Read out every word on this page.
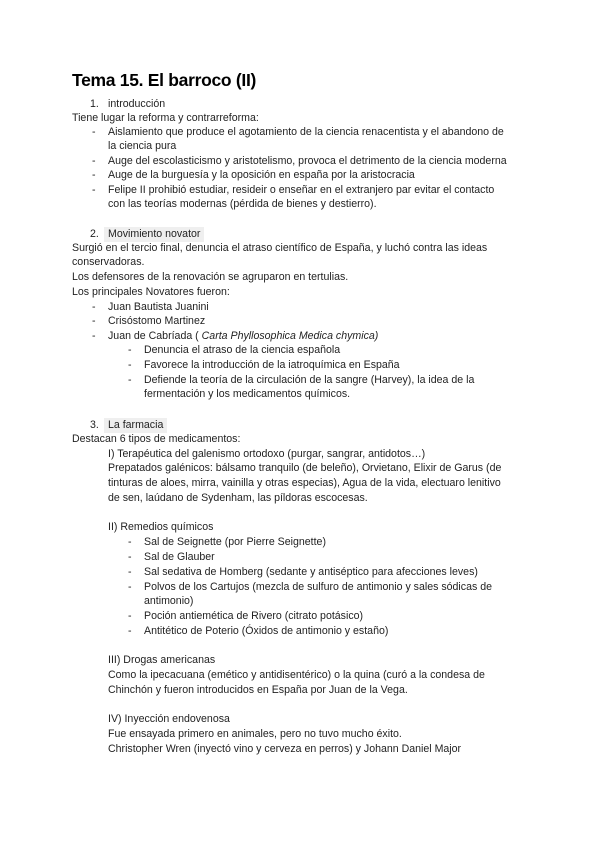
Tema 15. El barroco (II)
1. introducción
Tiene lugar la reforma y contrarreforma:
- Aislamiento que produce el agotamiento de la ciencia renacentista y el abandono de
la ciencia pura
- Auge del escolasticismo y aristotelismo, provoca el detrimento de la ciencia moderna
- Auge de la burguesía y la oposición en españa por la aristocracia
- Felipe II prohibió estudiar, resideir o enseñar en el extranjero par evitar el contacto
con las teorías modernas (pérdida de bienes y destierro).
2. Movimiento novator
Surgió en el tercio final, denuncia el atraso científico de España, y luchó contra las ideas
conservadoras.
Los defensores de la renovación se agruparon en tertulias.
Los principales Novatores fueron:
- Juan Bautista Juanini
- Crisóstomo Martinez
- Juan de Cabríada ( Carta Phyllosophica Medica chymica)
- Denuncia el atraso de la ciencia española
- Favorece la introducción de la iatroquímica en España
- Defiende la teoría de la circulación de la sangre (Harvey), la idea de la
fermentación y los medicamentos químicos.
3. La farmacia
Destacan 6 tipos de medicamentos:
I) Terapéutica del galenismo ortodoxo (purgar, sangrar, antidotos…)
Prepatados galénicos: bálsamo tranquilo (de beleño), Orvietano, Elixir de Garus (de
tinturas de aloes, mirra, vainilla y otras especias), Agua de la vida, electuaro lenitivo
de sen, laúdano de Sydenham, las píldoras escocesas.
II) Remedios químicos
- Sal de Seignette (por Pierre Seignette)
- Sal de Glauber
- Sal sedativa de Homberg (sedante y antiséptico para afecciones leves)
- Polvos de los Cartujos (mezcla de sulfuro de antimonio y sales sódicas de
antimonio)
- Poción antiemética de Rivero (citrato potásico)
- Antitético de Poterio (Óxidos de antimonio y estaño)
III) Drogas americanas
Como la ipecacuana (emético y antidisentérico) o la quina (curó a la condesa de
Chinchón y fueron introducidos en España por Juan de la Vega.
IV) Inyección endovenosa
Fue ensayada primero en animales, pero no tuvo mucho éxito.
Christopher Wren (inyectó vino y cerveza en perros) y Johann Daniel Major
